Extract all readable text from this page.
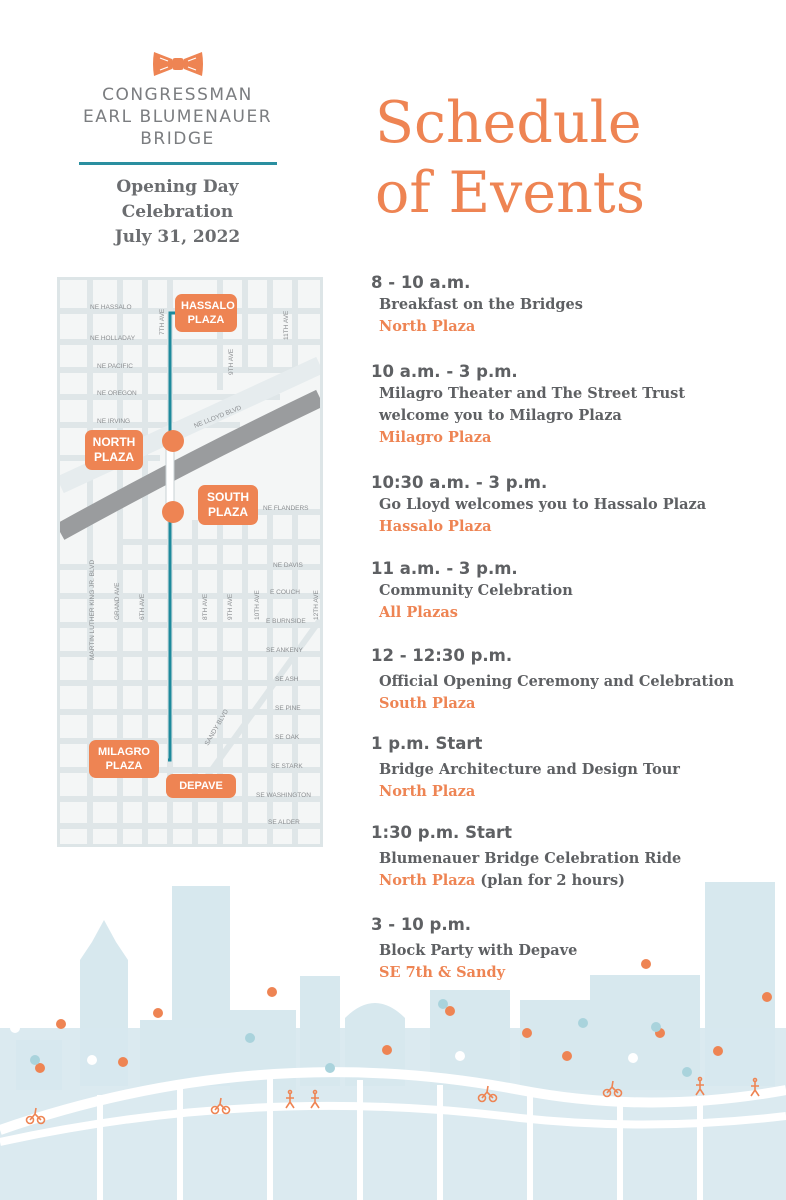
CONGRESSMAN
EARL BLUMENAUER
BRIDGE
Opening Day Celebration
July 31, 2022
Schedule
of Events
NE HASSALO
NE HOLLADAY
NE PACIFIC
NE OREGON
NE IRVING	NE LLOYD BLVD
NE FLANDERS
NE DAVIS
E COUCH
E BURNSIDE
SE ANKENY
SE ASH
SE PINE
SE OAK
SE STARK
SE WASHINGTON
SE ALDER
7TH AVE
9TH AVE
11TH AVE
MARTIN LUTHER KING JR. BLVD	GRAND AVE	6TH AVE	8TH AVE	9TH AVE	10TH AVE	12TH AVE
SANDY BLVD
HASSALO
PLAZA
NORTH
PLAZA
SOUTH
PLAZA
MILAGRO
PLAZA
DEPAVE
8 - 10 a.m.
Breakfast on the Bridges
North Plaza
10 a.m. - 3 p.m.
Milagro Theater and The Street Trust
welcome you to Milagro Plaza
Milagro Plaza
10:30 a.m. - 3 p.m.
Go Lloyd welcomes you to Hassalo Plaza
Hassalo Plaza
11 a.m. - 3 p.m.
Community Celebration
All Plazas
12 - 12:30 p.m.
Official Opening Ceremony and Celebration
South Plaza
1 p.m. Start
Bridge Architecture and Design Tour
North Plaza
1:30 p.m. Start
Blumenauer Bridge Celebration Ride
North Plaza (plan for 2 hours)
3 - 10 p.m.
Block Party with Depave
SE 7th & Sandy
